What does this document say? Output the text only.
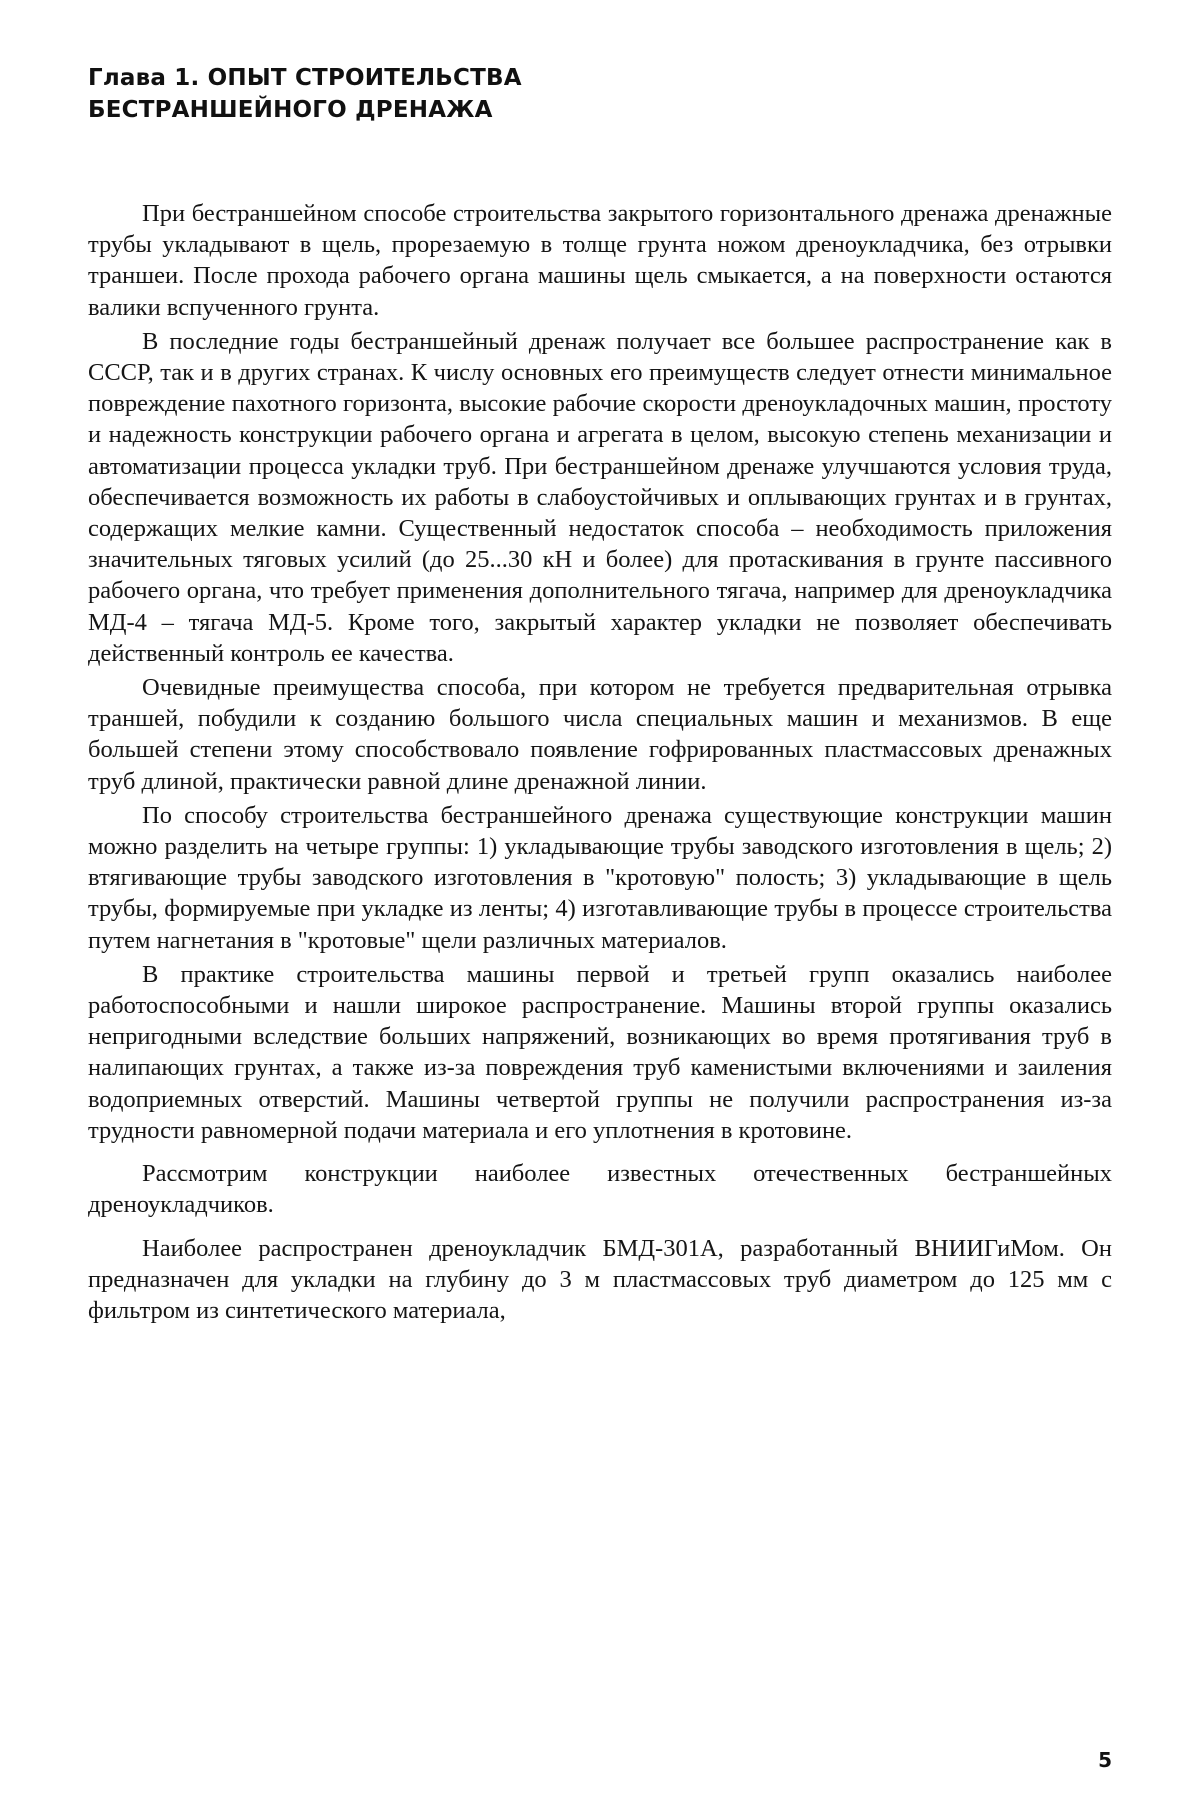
Глава 1. ОПЫТ СТРОИТЕЛЬСТВА
БЕСТРАНШЕЙНОГО ДРЕНАЖА

При бестраншейном способе строительства закрытого горизонтального дренажа дренажные трубы укладывают в щель, прорезаемую в толще грунта ножом дреноукладчика, без отрывки траншеи. После прохода рабочего органа машины щель смыкается, а на поверхности остаются валики вспученного грунта.

В последние годы бестраншейный дренаж получает все большее распространение как в СССР, так и в других странах. К числу основных его преимуществ следует отнести минимальное повреждение пахотного горизонта, высокие рабочие скорости дреноукладочных машин, простоту и надежность конструкции рабочего органа и агрегата в целом, высокую степень механизации и автоматизации процесса укладки труб. При бестраншейном дренаже улучшаются условия труда, обеспечивается возможность их работы в слабоустойчивых и оплывающих грунтах и в грунтах, содержащих мелкие камни. Существенный недостаток способа – необходимость приложения значительных тяговых усилий (до 25...30 кН и более) для протаскивания в грунте пассивного рабочего органа, что требует применения дополнительного тягача, например для дреноукладчика МД-4 – тягача МД-5. Кроме того, закрытый характер укладки не позволяет обеспечивать действенный контроль ее качества.

Очевидные преимущества способа, при котором не требуется предварительная отрывка траншей, побудили к созданию большого числа специальных машин и механизмов. В еще большей степени этому способствовало появление гофрированных пластмассовых дренажных труб длиной, практически равной длине дренажной линии.

По способу строительства бестраншейного дренажа существующие конструкции машин можно разделить на четыре группы: 1) укладывающие трубы заводского изготовления в щель; 2) втягивающие трубы заводского изготовления в "кротовую" полость; 3) укладывающие в щель трубы, формируемые при укладке из ленты; 4) изготавливающие трубы в процессе строительства путем нагнетания в "кротовые" щели различных материалов.

В практике строительства машины первой и третьей групп оказались наиболее работоспособными и нашли широкое распространение. Машины второй группы оказались непригодными вследствие больших напряжений, возникающих во время протягивания труб в налипающих грунтах, а также из-за повреждения труб каменистыми включениями и заиления водоприемных отверстий. Машины четвертой группы не получили распространения из-за трудности равномерной подачи материала и его уплотнения в кротовине.

Рассмотрим конструкции наиболее известных отечественных бестраншейных дреноукладчиков.

Наиболее распространен дреноукладчик БМД-301А, разработанный ВНИИГиМом. Он предназначен для укладки на глубину до 3 м пластмассовых труб диаметром до 125 мм с фильтром из синтетического материала,

5
